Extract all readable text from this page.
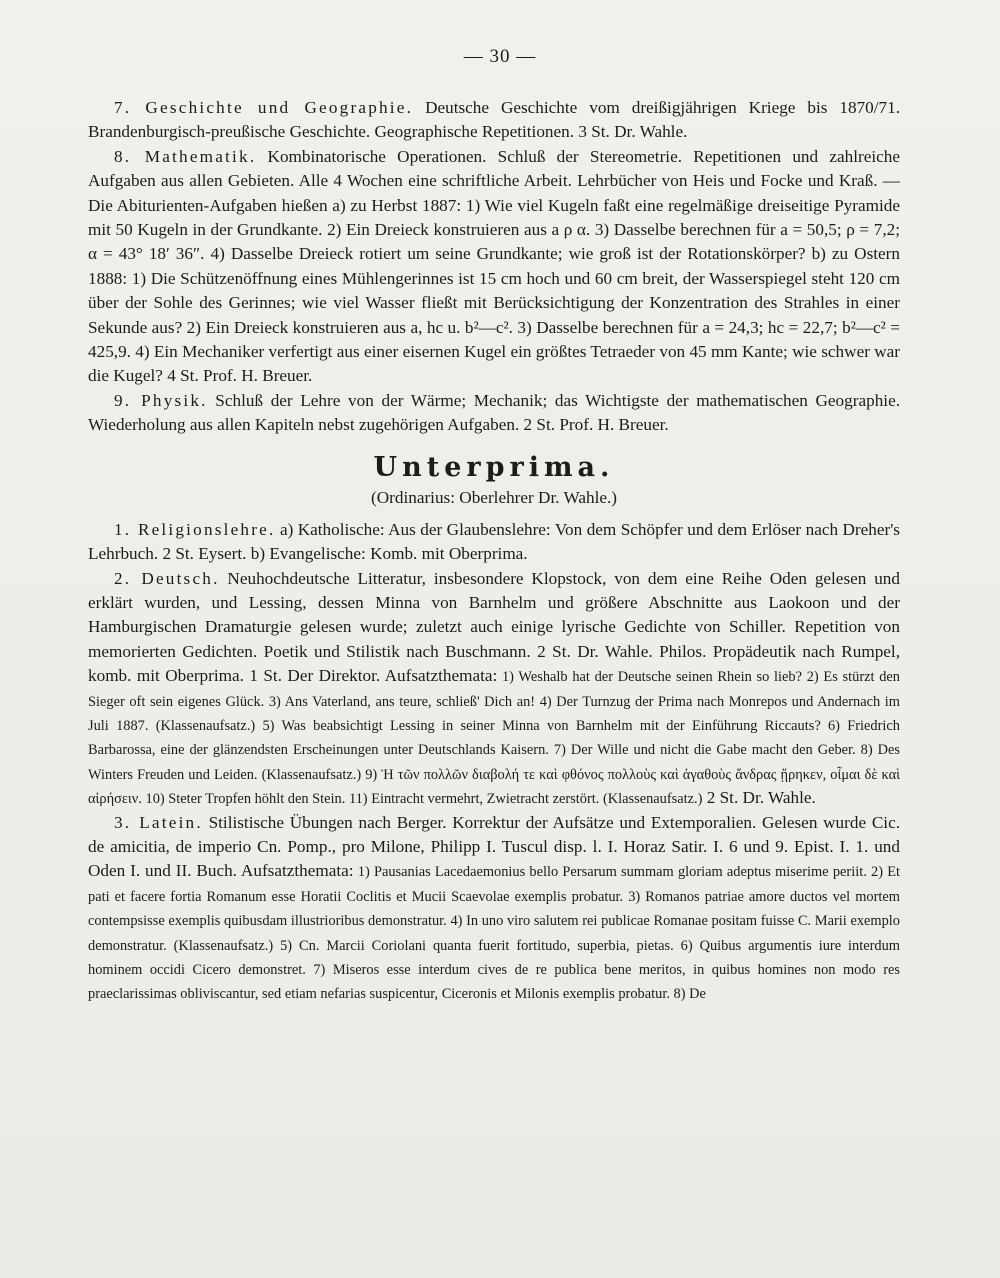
— 30 —

7. Geschichte und Geographie. Deutsche Geschichte vom dreißigjährigen Kriege bis 1870/71. Brandenburgisch-preußische Geschichte. Geographische Repetitionen. 3 St. Dr. Wahle.

8. Mathematik. Kombinatorische Operationen. Schluß der Stereometrie. Repetitionen und zahlreiche Aufgaben aus allen Gebieten. Alle 4 Wochen eine schriftliche Arbeit. Lehrbücher von Heis und Focke und Kraß. — Die Abiturienten-Aufgaben hießen a) zu Herbst 1887: 1) Wie viel Kugeln faßt eine regelmäßige dreiseitige Pyramide mit 50 Kugeln in der Grundkante. 2) Ein Dreieck konstruieren aus a ρ α. 3) Dasselbe berechnen für a = 50,5; ρ = 7,2; α = 43° 18′ 36″. 4) Dasselbe Dreieck rotiert um seine Grundkante; wie groß ist der Rotationskörper? b) zu Ostern 1888: 1) Die Schützenöffnung eines Mühlengerinnes ist 15 cm hoch und 60 cm breit, der Wasserspiegel steht 120 cm über der Sohle des Gerinnes; wie viel Wasser fließt mit Berücksichtigung der Konzentration des Strahles in einer Sekunde aus? 2) Ein Dreieck konstruieren aus a, hc u. b²—c². 3) Dasselbe berechnen für a = 24,3; hc = 22,7; b²—c² = 425,9. 4) Ein Mechaniker verfertigt aus einer eisernen Kugel ein größtes Tetraeder von 45 mm Kante; wie schwer war die Kugel? 4 St. Prof. H. Breuer.

9. Physik. Schluß der Lehre von der Wärme; Mechanik; das Wichtigste der mathematischen Geographie. Wiederholung aus allen Kapiteln nebst zugehörigen Aufgaben. 2 St. Prof. H. Breuer.

Unterprima.
(Ordinarius: Oberlehrer Dr. Wahle.)

1. Religionslehre. a) Katholische: Aus der Glaubenslehre: Von dem Schöpfer und dem Erlöser nach Dreher's Lehrbuch. 2 St. Eysert. b) Evangelische: Komb. mit Oberprima.

2. Deutsch. Neuhochdeutsche Litteratur, insbesondere Klopstock, von dem eine Reihe Oden gelesen und erklärt wurden, und Lessing, dessen Minna von Barnhelm und größere Abschnitte aus Laokoon und der Hamburgischen Dramaturgie gelesen wurde; zuletzt auch einige lyrische Gedichte von Schiller. Repetition von memorierten Gedichten. Poetik und Stilistik nach Buschmann. 2 St. Dr. Wahle. Philos. Propädeutik nach Rumpel, komb. mit Oberprima. 1 St. Der Direktor. Aufsatzthemata: 1) Weshalb hat der Deutsche seinen Rhein so lieb? 2) Es stürzt den Sieger oft sein eigenes Glück. 3) Ans Vaterland, ans teure, schließ' Dich an! 4) Der Turnzug der Prima nach Monrepos und Andernach im Juli 1887. (Klassenaufsatz.) 5) Was beabsichtigt Lessing in seiner Minna von Barnhelm mit der Einführung Riccauts? 6) Friedrich Barbarossa, eine der glänzendsten Erscheinungen unter Deutschlands Kaisern. 7) Der Wille und nicht die Gabe macht den Geber. 8) Des Winters Freuden und Leiden. (Klassenaufsatz.) 9) Ἡ τῶν πολλῶν διαβολή τε καὶ φθόνος πολλοὺς καὶ ἀγαθοὺς ἄνδρας ᾕρηκεν, οἶμαι δὲ καὶ αἱρήσειν. 10) Steter Tropfen höhlt den Stein. 11) Eintracht vermehrt, Zwietracht zerstört. (Klassenaufsatz.) 2 St. Dr. Wahle.

3. Latein. Stilistische Übungen nach Berger. Korrektur der Aufsätze und Extemporalien. Gelesen wurde Cic. de amicitia, de imperio Cn. Pomp., pro Milone, Philipp I. Tuscul disp. l. I. Horaz Satir. I. 6 und 9. Epist. I. 1. und Oden I. und II. Buch. Aufsatzthemata: 1) Pausanias Lacedaemonius bello Persarum summam gloriam adeptus miserime periit. 2) Et pati et facere fortia Romanum esse Horatii Coclitis et Mucii Scaevolae exemplis probatur. 3) Romanos patriae amore ductos vel mortem contempsisse exemplis quibusdam illustrioribus demonstratur. 4) In uno viro salutem rei publicae Romanae positam fuisse C. Marii exemplo demonstratur. (Klassenaufsatz.) 5) Cn. Marcii Coriolani quanta fuerit fortitudo, superbia, pietas. 6) Quibus argumentis iure interdum hominem occidi Cicero demonstret. 7) Miseros esse interdum cives de re publica bene meritos, in quibus homines non modo res praeclarissimas obliviscantur, sed etiam nefarias suspicentur, Ciceronis et Milonis exemplis probatur. 8) De
